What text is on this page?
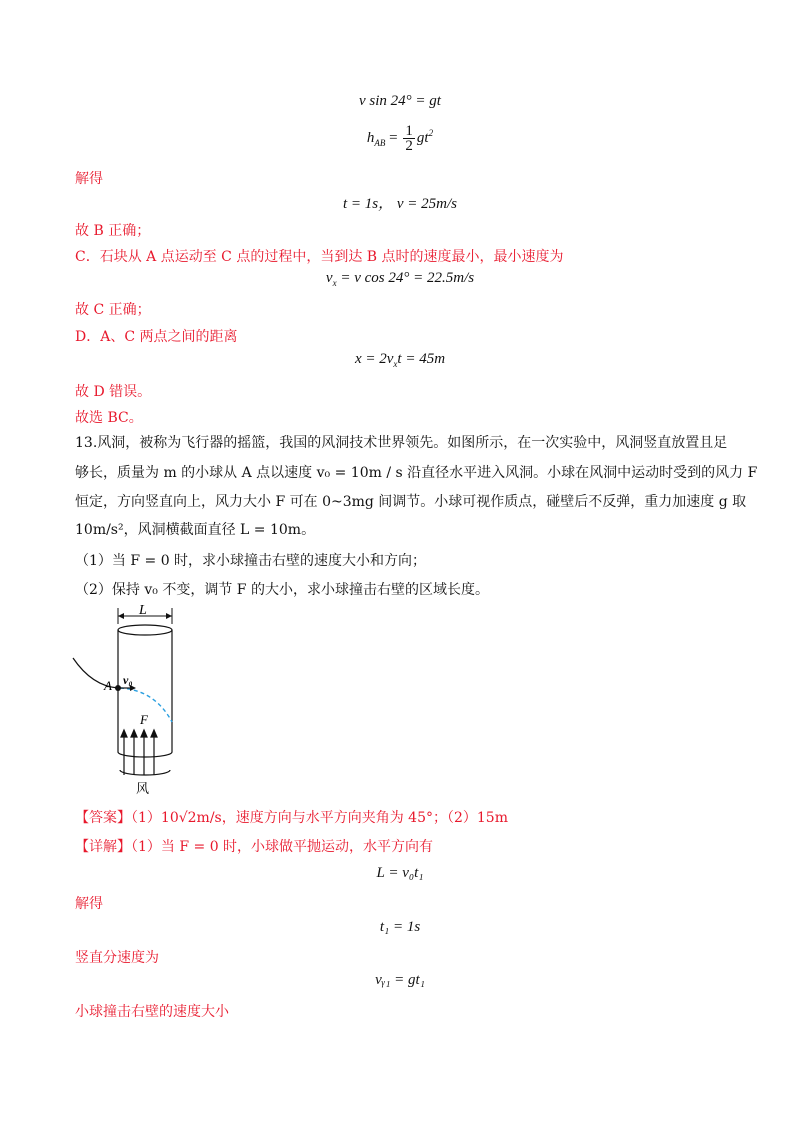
v sin 24° = gt
$h_{AB} = \frac{1}{2} gt^2$
解得
t = 1s， v = 25m/s
故 B 正确；
C．石块从 A 点运动至 C 点的过程中，当到达 B 点时的速度最小，最小速度为
$v_x = v$ cos 24° = 22.5m/s
故 C 正确；
D．A、C 两点之间的距离
$x = 2v_xt = 45m$
故 D 错误。
故选 BC。
13.风洞，被称为飞行器的摇篮，我国的风洞技术世界领先。如图所示，在一次实验中，风洞竖直放置且足
够长，质量为 m 的小球从 A 点以速度 v₀ = 10m / s 沿直径水平进入风洞。小球在风洞中运动时受到的风力 F
恒定，方向竖直向上，风力大小 F 可在 0~3mg 间调节。小球可视作质点，碰壁后不反弹，重力加速度 g 取
10m/s²，风洞横截面直径 L = 10m。
（1）当 F = 0 时，求小球撞击右壁的速度大小和方向；
（2）保持 v₀ 不变，调节 F 的大小，求小球撞击右壁的区域长度。
L
A v₀
F
风
【答案】（1）10√2m/s，速度方向与水平方向夹角为 45°；（2）15m
【详解】（1）当 F = 0 时，小球做平抛运动，水平方向有
L = v₀t₁
解得
t₁ = 1s
竖直分速度为
vᵧ₁ = gt₁
小球撞击右壁的速度大小
